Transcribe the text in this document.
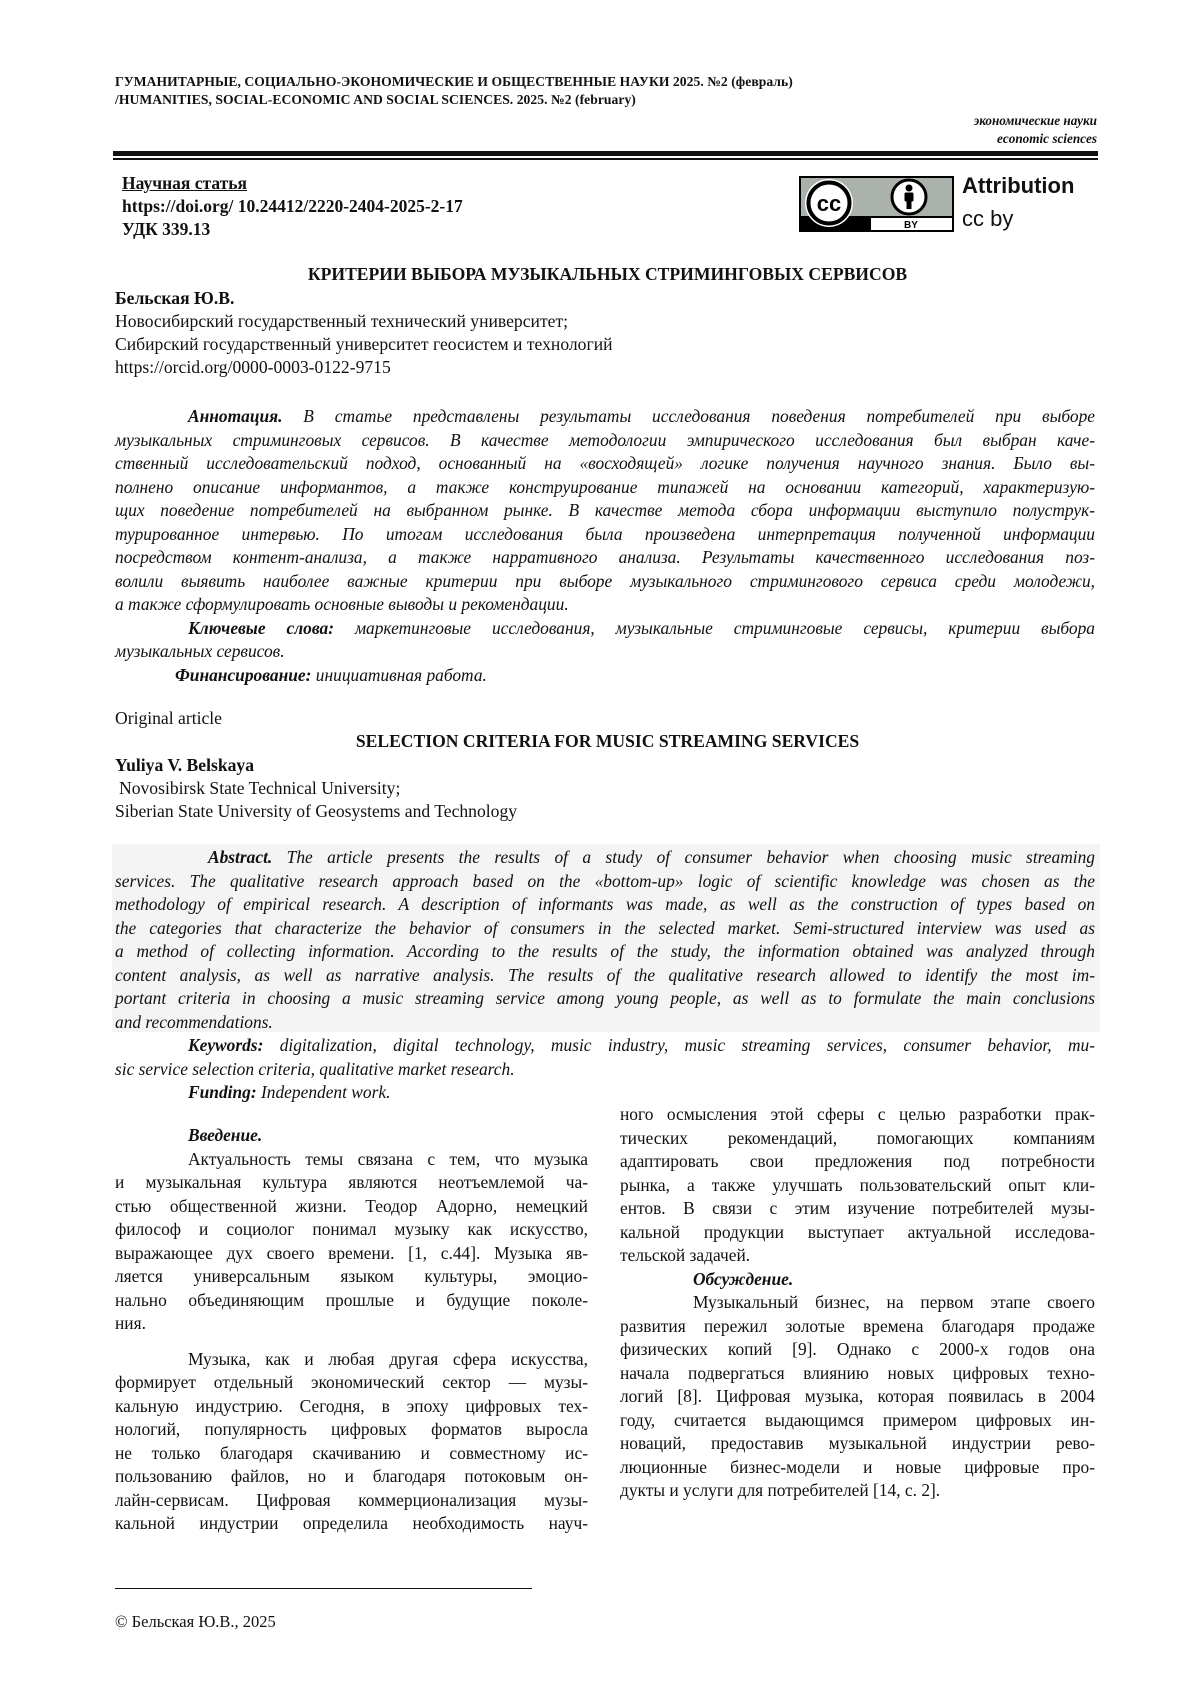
ГУМАНИТАРНЫЕ, СОЦИАЛЬНО-ЭКОНОМИЧЕСКИЕ И ОБЩЕСТВЕННЫЕ НАУКИ 2025. №2 (февраль)
/HUMANITIES, SOCIAL-ECONOMIC AND SOCIAL SCIENCES. 2025. №2 (february)
экономические науки
economic sciences
Научная статья
https://doi.org/ 10.24412/2220-2404-2025-2-17
УДК 339.13
cc
BY
Attribution
cc by
КРИТЕРИИ ВЫБОРА МУЗЫКАЛЬНЫХ СТРИМИНГОВЫХ СЕРВИСОВ
Бельская Ю.В.
Новосибирский государственный технический университет;
Сибирский государственный университет геосистем и технологий
https://orcid.org/0000-0003-0122-9715
Аннотация. В статье представлены результаты исследования поведения потребителей при выборе
музыкальных стриминговых сервисов. В качестве методологии эмпирического исследования был выбран каче-
ственный исследовательский подход, основанный на «восходящей» логике получения научного знания. Было вы-
полнено описание информантов, а также конструирование типажей на основании категорий, характеризую-
щих поведение потребителей на выбранном рынке. В качестве метода сбора информации выступило полуструк-
турированное интервью. По итогам исследования была произведена интерпретация полученной информации
посредством контент-анализа, а также нарративного анализа. Результаты качественного исследования поз-
волили выявить наиболее важные критерии при выборе музыкального стримингового сервиса среди молодежи,
а также сформулировать основные выводы и рекомендации.
Ключевые слова: маркетинговые исследования, музыкальные стриминговые сервисы, критерии выбора
музыкальных сервисов.
Финансирование: инициативная работа.
Original article
SELECTION CRITERIA FOR MUSIC STREAMING SERVICES
Yuliya V. Belskaya
Novosibirsk State Technical University;
Siberian State University of Geosystems and Technology
Abstract. The article presents the results of a study of consumer behavior when choosing music streaming
services. The qualitative research approach based on the «bottom-up» logic of scientific knowledge was chosen as the
methodology of empirical research. A description of informants was made, as well as the construction of types based on
the categories that characterize the behavior of consumers in the selected market. Semi-structured interview was used as
a method of collecting information. According to the results of the study, the information obtained was analyzed through
content analysis, as well as narrative analysis. The results of the qualitative research allowed to identify the most im-
portant criteria in choosing a music streaming service among young people, as well as to formulate the main conclusions
and recommendations.
Keywords: digitalization, digital technology, music industry, music streaming services, consumer behavior, mu-
sic service selection criteria, qualitative market research.
Funding: Independent work.
Введение.
Актуальность темы связана с тем, что музыка
и музыкальная культура являются неотъемлемой ча-
стью общественной жизни. Теодор Адорно, немецкий
философ и социолог понимал музыку как искусство,
выражающее дух своего времени. [1, с.44]. Музыка яв-
ляется универсальным языком культуры, эмоцио-
нально объединяющим прошлые и будущие поколе-
ния.
Музыка, как и любая другая сфера искусства,
формирует отдельный экономический сектор — музы-
кальную индустрию. Сегодня, в эпоху цифровых тех-
нологий, популярность цифровых форматов выросла
не только благодаря скачиванию и совместному ис-
пользованию файлов, но и благодаря потоковым он-
лайн-сервисам. Цифровая коммерционализация музы-
кальной индустрии определила необходимость науч-
ного осмысления этой сферы с целью разработки прак-
тических рекомендаций, помогающих компаниям
адаптировать свои предложения под потребности
рынка, а также улучшать пользовательский опыт кли-
ентов. В связи с этим изучение потребителей музы-
кальной продукции выступает актуальной исследова-
тельской задачей.
Обсуждение.
Музыкальный бизнес, на первом этапе своего
развития пережил золотые времена благодаря продаже
физических копий [9]. Однако с 2000-х годов она
начала подвергаться влиянию новых цифровых техно-
логий [8]. Цифровая музыка, которая появилась в 2004
году, считается выдающимся примером цифровых ин-
новаций, предоставив музыкальной индустрии рево-
люционные бизнес-модели и новые цифровые про-
дукты и услуги для потребителей [14, с. 2].
© Бельская Ю.В., 2025
